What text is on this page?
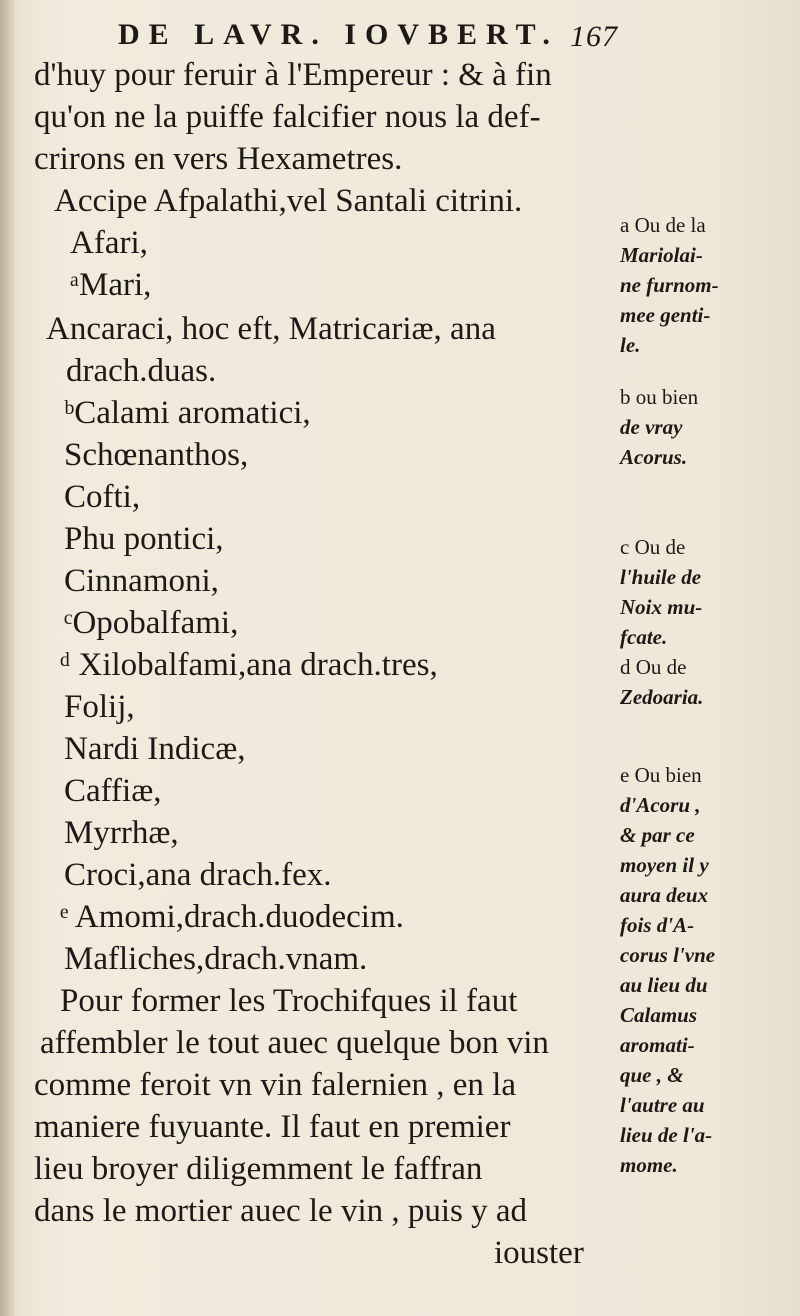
DE LAVR. IOVBERT. 167
d'huy pour feruir à l'Empereur : & à fin
qu'on ne la puiffe falcifier nous la def-
crirons en vers Hexametres.
Accipe Afpalathi,vel Santali citrini.
Afari,
ᵃMari,
Ancaraci, hoc eft, Matricariæ, ana
drach.duas.
ᵇCalami aromatici,
Schœnanthos,
Cofti,
Phu pontici,
Cinnamoni,
ᶜOpobalfami,
ᵈ Xilobalfami,ana drach.tres,
Folij,
Nardi Indicæ,
Caffiæ,
Myrrhæ,
Croci,ana drach.fex.
ᵉ Amomi,drach.duodecim.
Mafliches,drach.vnam.
Pour former les Trochifques il faut
affembler le tout auec quelque bon vin
comme feroit vn vin falernien , en la
maniere fuyuante. Il faut en premier
lieu broyer diligemment le faffran
dans le mortier auec le vin , puis y ad
iouster
a Ou de la
Mariolai-
ne furnom-
mee genti-
le.
b ou bien
de vray
Acorus.
c Ou de
l'huile de
Noix mu-
fcate.
d Ou de
Zedoaria.
e Ou bien
d'Acoru ,
& par ce
moyen il y
aura deux
fois d'A-
corus l'vne
au lieu du
Calamus
aromati-
que , &
l'autre au
lieu de l'a-
mome.
